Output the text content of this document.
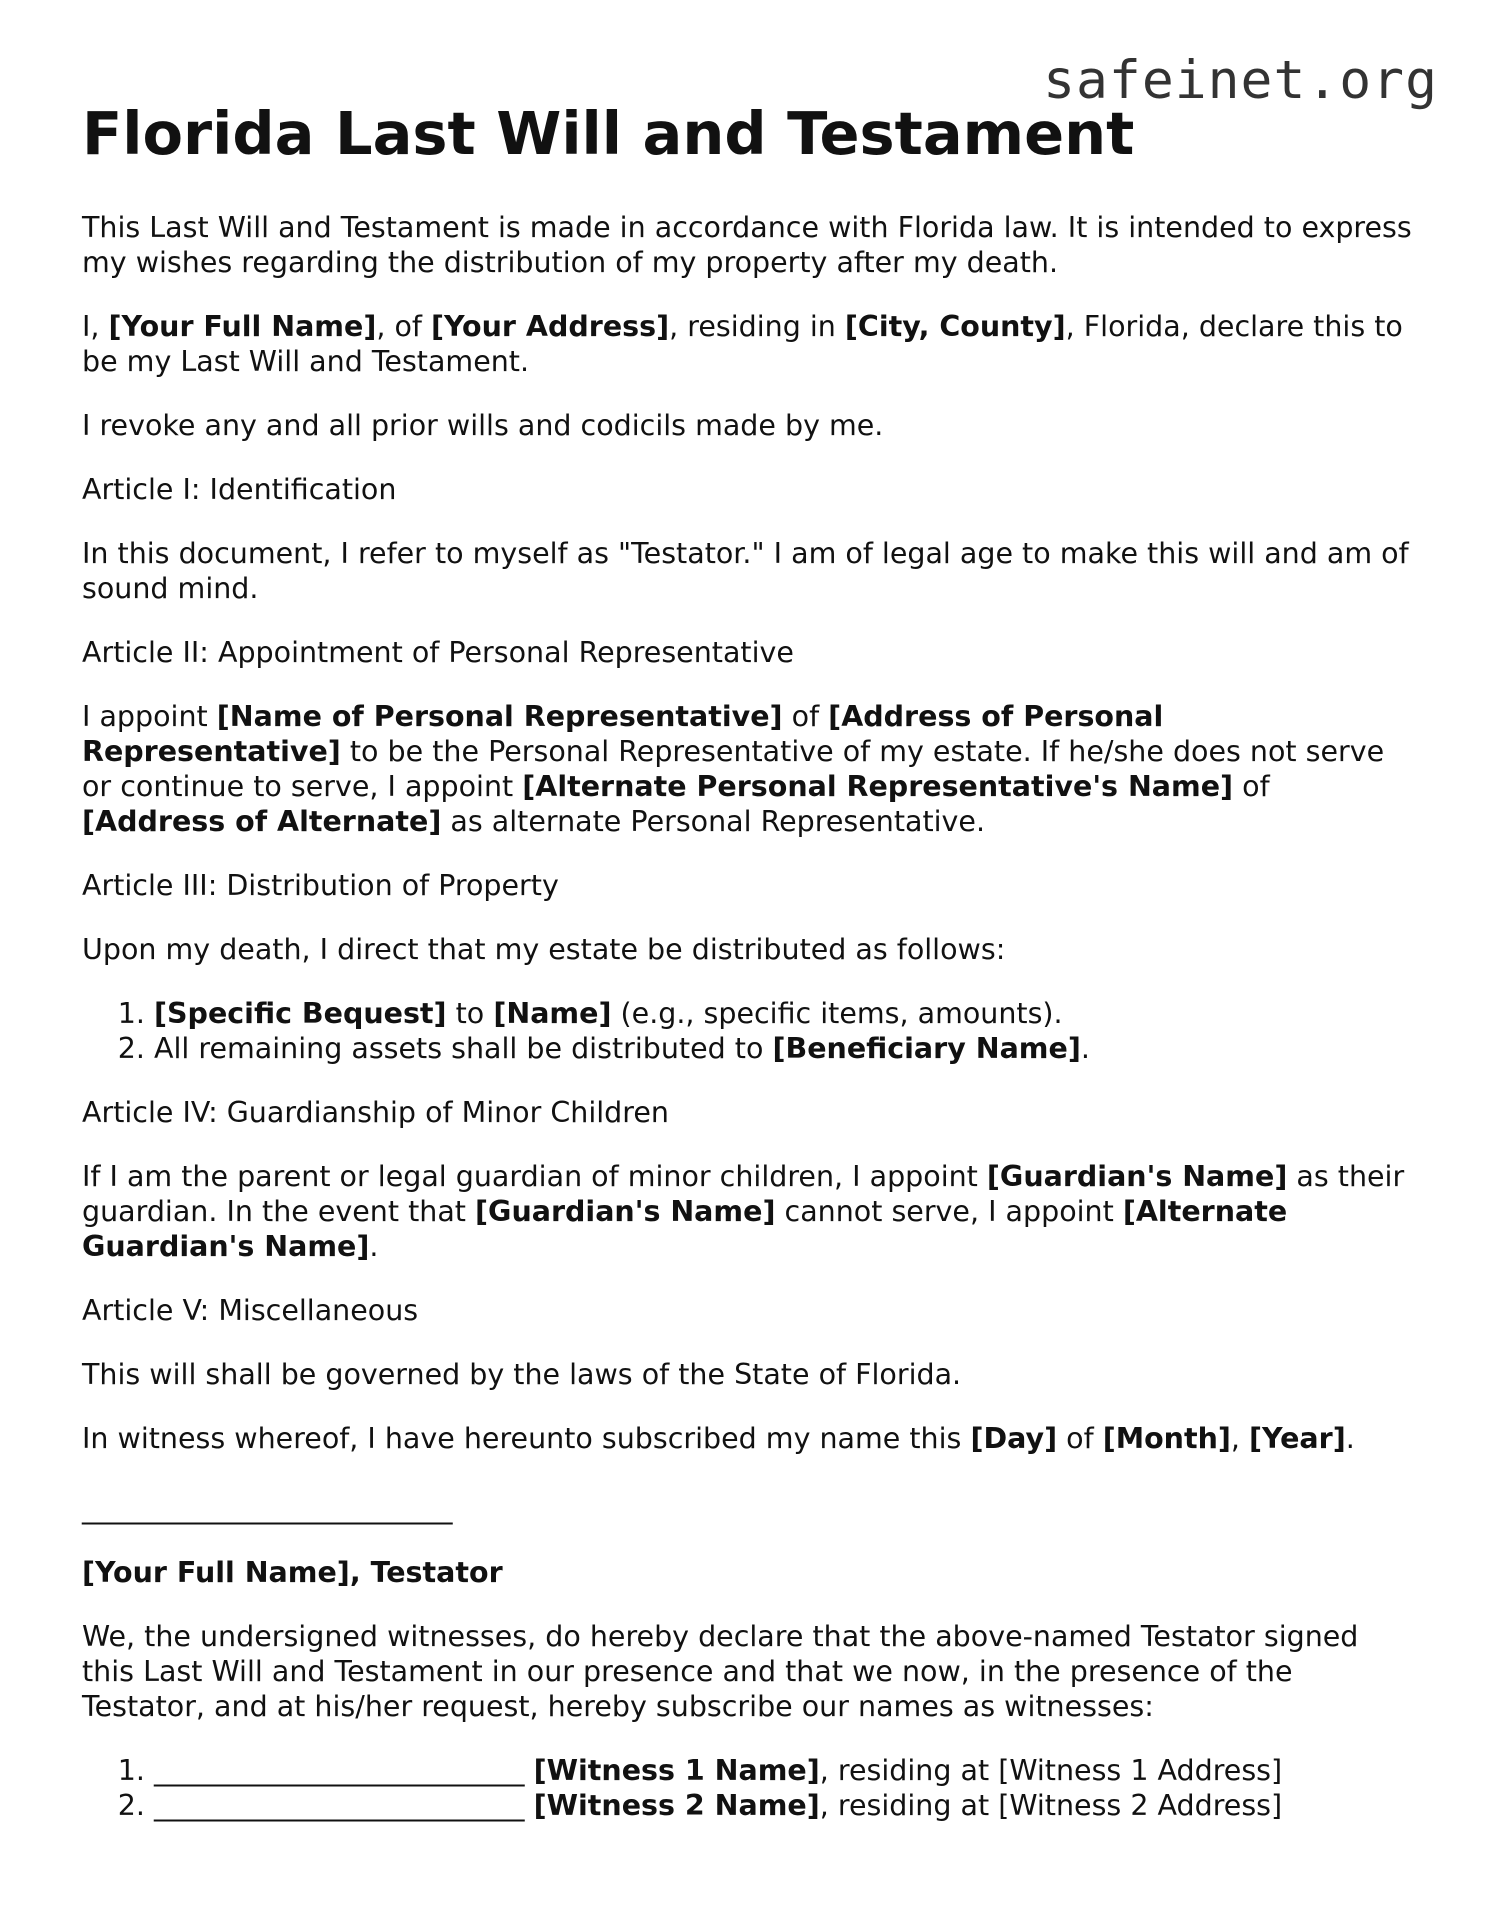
safeinet.org
Florida Last Will and Testament

This Last Will and Testament is made in accordance with Florida law. It is intended to express my wishes regarding the distribution of my property after my death.

I, [Your Full Name], of [Your Address], residing in [City, County], Florida, declare this to be my Last Will and Testament.

I revoke any and all prior wills and codicils made by me.

Article I: Identification

In this document, I refer to myself as "Testator." I am of legal age to make this will and am of sound mind.

Article II: Appointment of Personal Representative

I appoint [Name of Personal Representative] of [Address of Personal Representative] to be the Personal Representative of my estate. If he/she does not serve or continue to serve, I appoint [Alternate Personal Representative's Name] of [Address of Alternate] as alternate Personal Representative.

Article III: Distribution of Property

Upon my death, I direct that my estate be distributed as follows:

1. [Specific Bequest] to [Name] (e.g., specific items, amounts).
2. All remaining assets shall be distributed to [Beneficiary Name].

Article IV: Guardianship of Minor Children

If I am the parent or legal guardian of minor children, I appoint [Guardian's Name] as their guardian. In the event that [Guardian's Name] cannot serve, I appoint [Alternate Guardian's Name].

Article V: Miscellaneous

This will shall be governed by the laws of the State of Florida.

In witness whereof, I have hereunto subscribed my name this [Day] of [Month], [Year].

__________________________

[Your Full Name], Testator

We, the undersigned witnesses, do hereby declare that the above-named Testator signed this Last Will and Testament in our presence and that we now, in the presence of the Testator, and at his/her request, hereby subscribe our names as witnesses:

1. __________________________ [Witness 1 Name], residing at [Witness 1 Address]
2. __________________________ [Witness 2 Name], residing at [Witness 2 Address]
